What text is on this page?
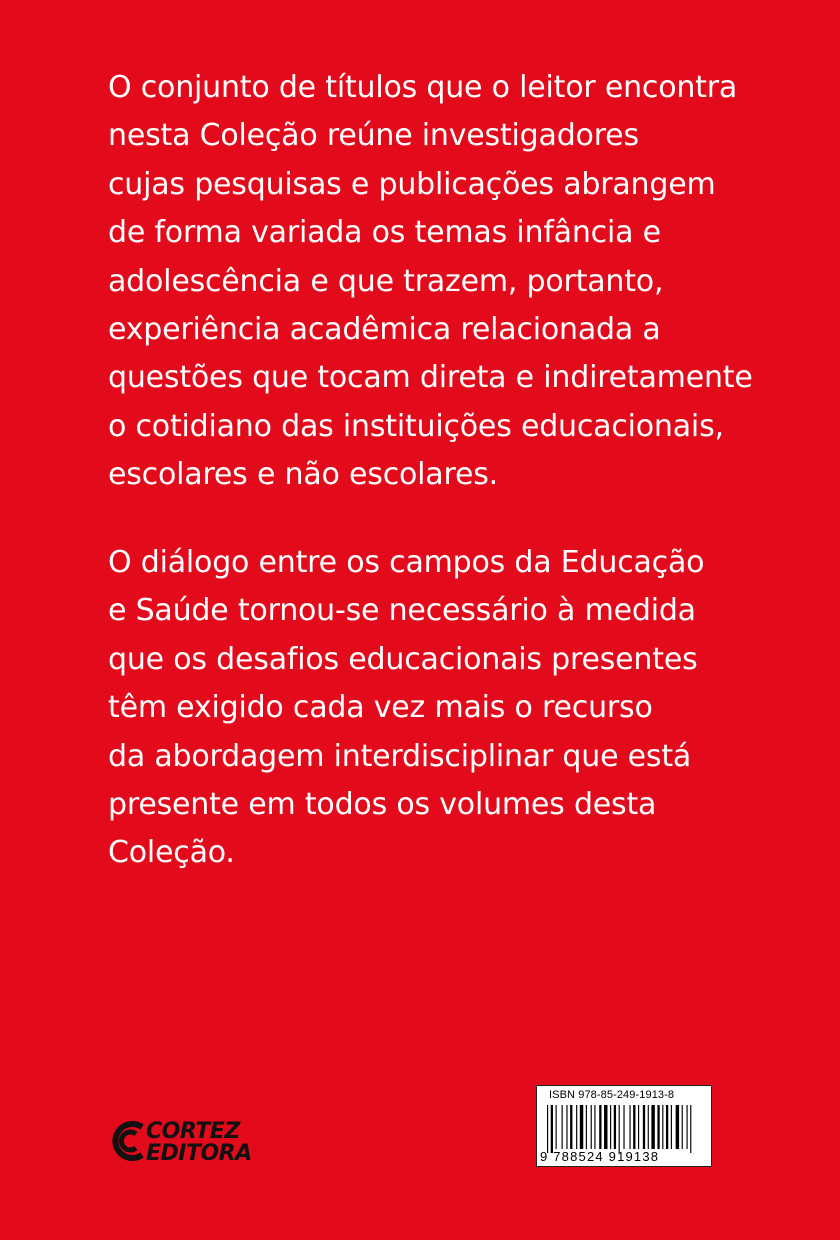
O conjunto de títulos que o leitor encontra
nesta Coleção reúne investigadores
cujas pesquisas e publicações abrangem
de forma variada os temas infância e
adolescência e que trazem, portanto,
experiência acadêmica relacionada a
questões que tocam direta e indiretamente
o cotidiano das instituições educacionais,
escolares e não escolares.
O diálogo entre os campos da Educação
e Saúde tornou-se necessário à medida
que os desafios educacionais presentes
têm exigido cada vez mais o recurso
da abordagem interdisciplinar que está
presente em todos os volumes desta
Coleção.
CORTEZ
EDITORA
ISBN 978-85-249-1913-8
9 788524 919138
